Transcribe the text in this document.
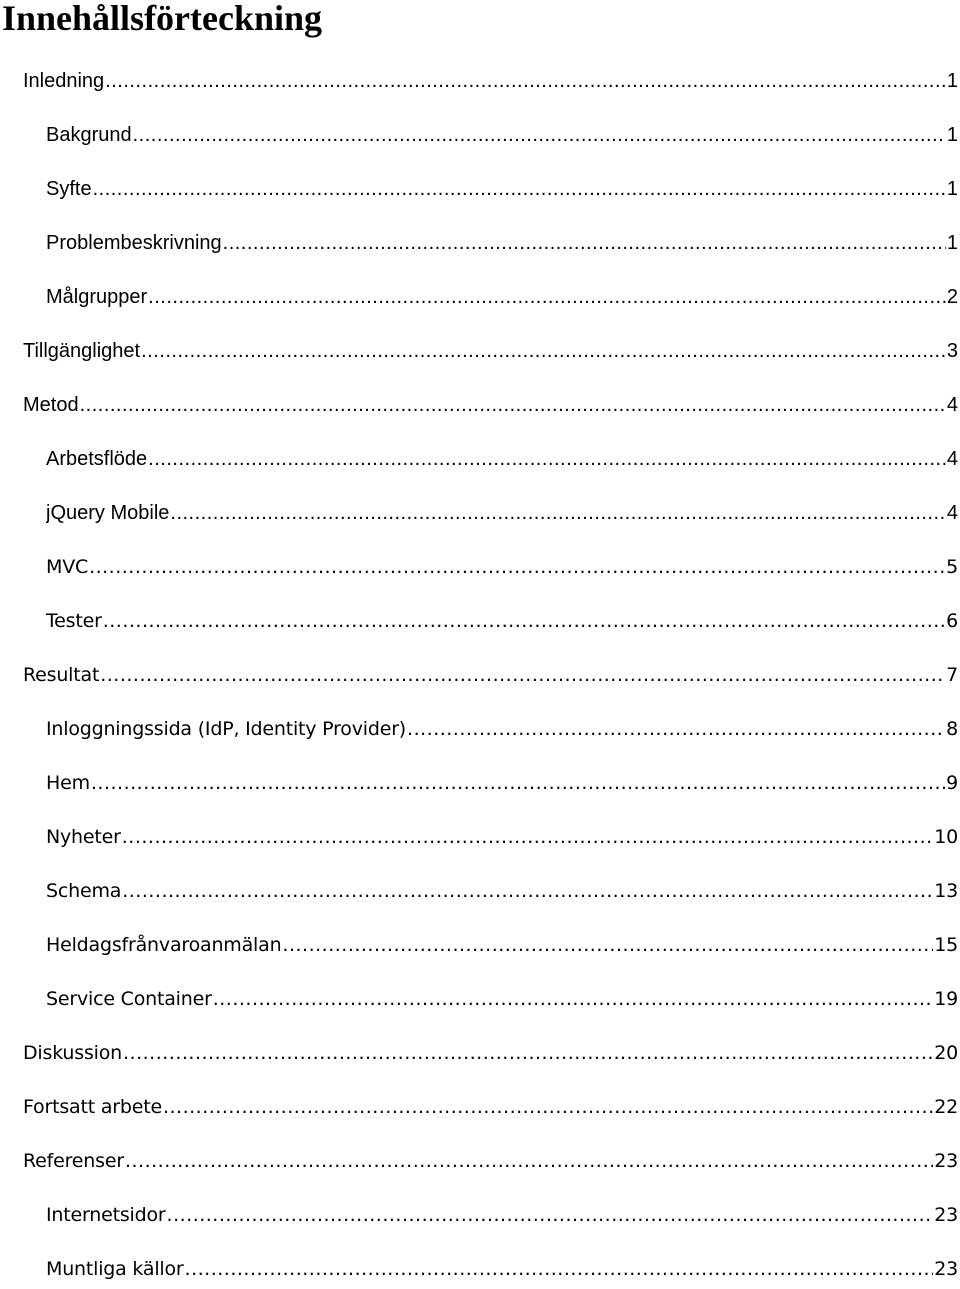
Innehållsförteckning
Inledning .....	1
Bakgrund .....	1
Syfte .....	1
Problembeskrivning .....	1
Målgrupper .....	2
Tillgänglighet .....	3
Metod .....	4
Arbetsflöde .....	4
jQuery Mobile .....	4
MVC .....	5
Tester .....	6
Resultat .....	7
Inloggningssida (IdP, Identity Provider) .....	8
Hem .....	9
Nyheter .....	10
Schema .....	13
Heldagsfrånvaroanmälan .....	15
Service Container .....	19
Diskussion .....	20
Fortsatt arbete .....	22
Referenser .....	23
Internetsidor .....	23
Muntliga källor .....	23
